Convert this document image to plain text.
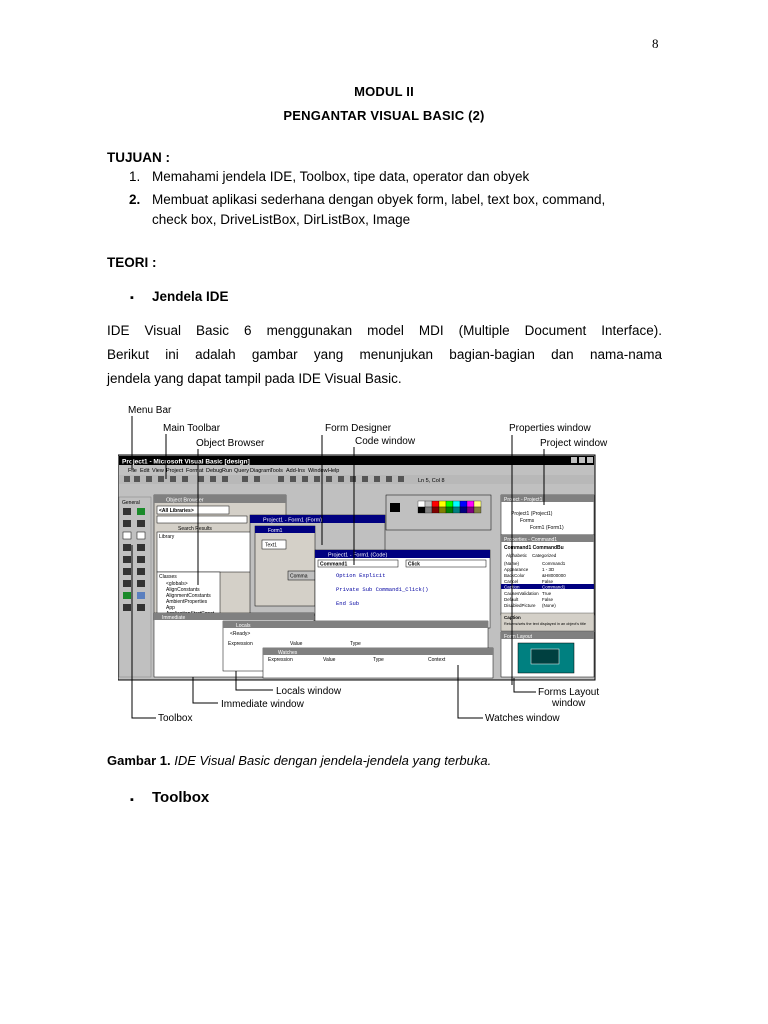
8
MODUL II
PENGANTAR VISUAL BASIC (2)
TUJUAN :
1. Memahami jendela IDE, Toolbox, tipe data, operator dan obyek
2. Membuat aplikasi sederhana dengan obyek form, label, text box, command,
check box, DriveListBox, DirListBox, Image
TEORI :
▪ Jendela IDE
IDE Visual Basic 6 menggunakan model MDI (Multiple Document Interface).
Berikut ini adalah gambar yang menunjukan bagian-bagian dan nama-nama
jendela yang dapat tampil pada IDE Visual Basic.
Menu Bar
Main Toolbar
Object Browser
Form Designer
Code window
Properties window
Project window
Locals window
Immediate window
Toolbox
Forms Layout
window
Watches window
Project1 - Microsoft Visual Basic [design]
File Edit View Project Format Debug Run Query Diagram Tools Add-Ins Window Help
Ln 5, Col 8
General	Object Browser
<All Libraries>
Search Results
Library
Classes
<globals>
AlignConstants
AlignmentConstants
AmbientProperties
App
Project1 - Form1 (Form)
Form1
Text1
Comma
Project1 - Form1 (Code)
Command1	Click
Option Explicit
Private Sub Command1_Click()
End Sub
Immediate
Locals
<Ready>
Expression	Value	Type
Watches
Expression	Value	Type	Context
Project - Project1
Project1 (Project1)
Forms
Form1 (Form1)
Properties - Command1
Command1 CommandBu
Alphabetic Categorized
(Name)	Command1
Appearance	1 - 3D
BackColor	&H8000000
Cancel	False
Caption	Command1
CausesValidation True
Default	False
DisabledPicture (None)
Caption
Returns/sets the text displayed in an object's title
Form Layout
Gambar 1. IDE Visual Basic dengan jendela-jendela yang terbuka.
▪ Toolbox
